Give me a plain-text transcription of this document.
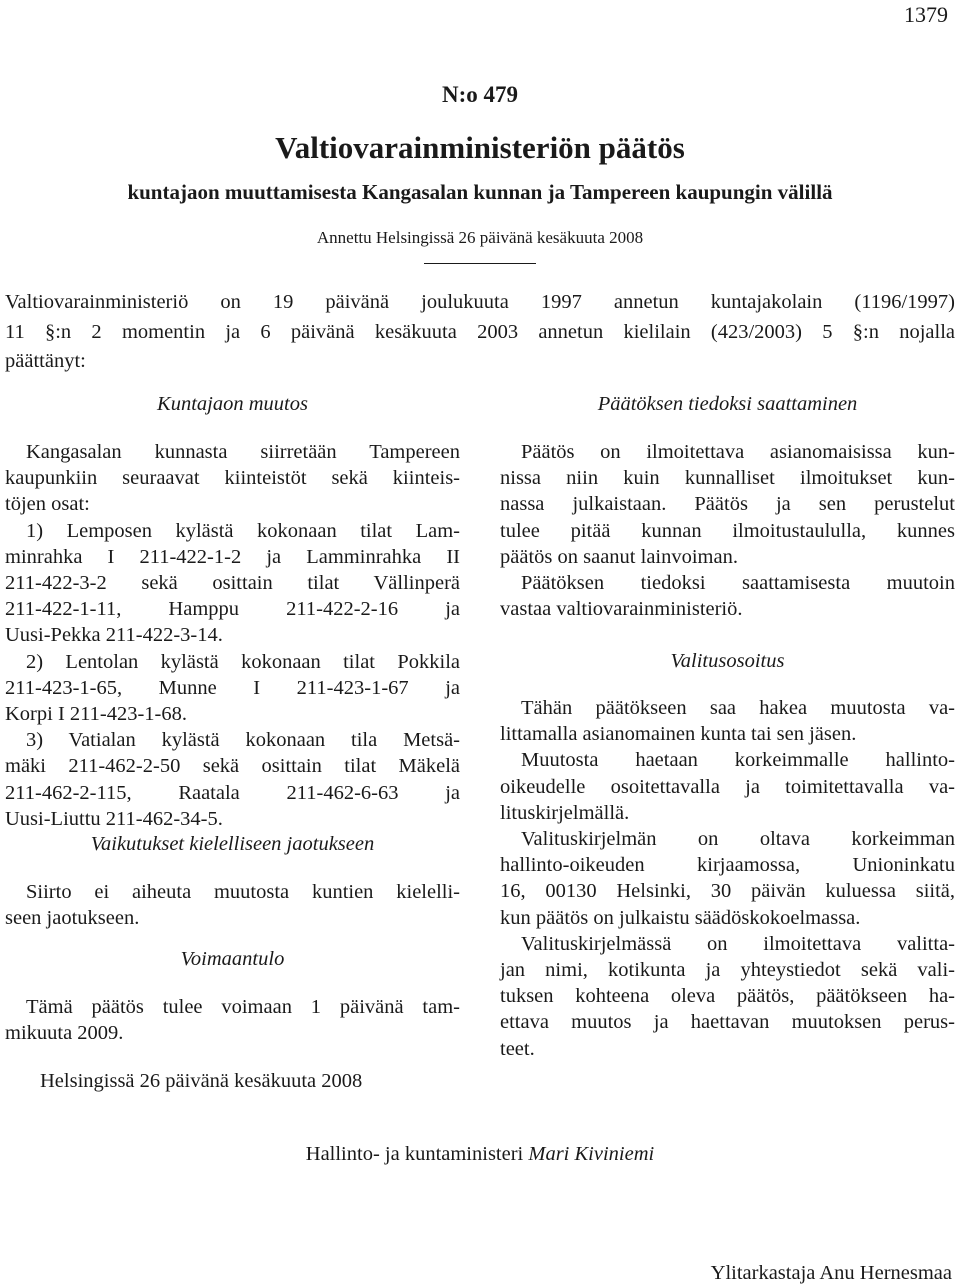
1379
N:o 479
Valtiovarainministeriön päätös
kuntajaon muuttamisesta Kangasalan kunnan ja Tampereen kaupungin välillä
Annettu Helsingissä 26 päivänä kesäkuuta 2008
Valtiovarainministeriö on 19 päivänä joulukuuta 1997 annetun kuntajakolain (1196/1997)
11 §:n 2 momentin ja 6 päivänä kesäkuuta 2003 annetun kielilain (423/2003) 5 §:n nojalla
päättänyt:
Kuntajaon muutos
Kangasalan kunnasta siirretään Tampereen
kaupunkiin seuraavat kiinteistöt sekä kiinteis-
töjen osat:
1) Lemposen kylästä kokonaan tilat Lam-
minrahka I 211-422-1-2 ja Lamminrahka II
211-422-3-2 sekä osittain tilat Vällinperä
211-422-1-11, Hamppu 211-422-2-16 ja
Uusi-Pekka 211-422-3-14.
2) Lentolan kylästä kokonaan tilat Pokkila
211-423-1-65, Munne I 211-423-1-67 ja
Korpi I 211-423-1-68.
3) Vatialan kylästä kokonaan tila Metsä-
mäki 211-462-2-50 sekä osittain tilat Mäkelä
211-462-2-115, Raatala 211-462-6-63 ja
Uusi-Liuttu 211-462-34-5.
Vaikutukset kielelliseen jaotukseen
Siirto ei aiheuta muutosta kuntien kielelli-
seen jaotukseen.
Voimaantulo
Tämä päätös tulee voimaan 1 päivänä tam-
mikuuta 2009.
Päätöksen tiedoksi saattaminen
Päätös on ilmoitettava asianomaisissa kun-
nissa niin kuin kunnalliset ilmoitukset kun-
nassa julkaistaan. Päätös ja sen perustelut
tulee pitää kunnan ilmoitustaululla, kunnes
päätös on saanut lainvoiman.
Päätöksen tiedoksi saattamisesta muutoin
vastaa valtiovarainministeriö.
Valitusosoitus
Tähän päätökseen saa hakea muutosta va-
littamalla asianomainen kunta tai sen jäsen.
Muutosta haetaan korkeimmalle hallinto-
oikeudelle osoitettavalla ja toimitettavalla va-
lituskirjelmällä.
Valituskirjelmän on oltava korkeimman
hallinto-oikeuden kirjaamossa, Unioninkatu
16, 00130 Helsinki, 30 päivän kuluessa siitä,
kun päätös on julkaistu säädöskokoelmassa.
Valituskirjelmässä on ilmoitettava valitta-
jan nimi, kotikunta ja yhteystiedot sekä vali-
tuksen kohteena oleva päätös, päätökseen ha-
ettava muutos ja haettavan muutoksen perus-
teet.
Helsingissä 26 päivänä kesäkuuta 2008
Hallinto- ja kuntaministeri Mari Kiviniemi
Ylitarkastaja Anu Hernesmaa
